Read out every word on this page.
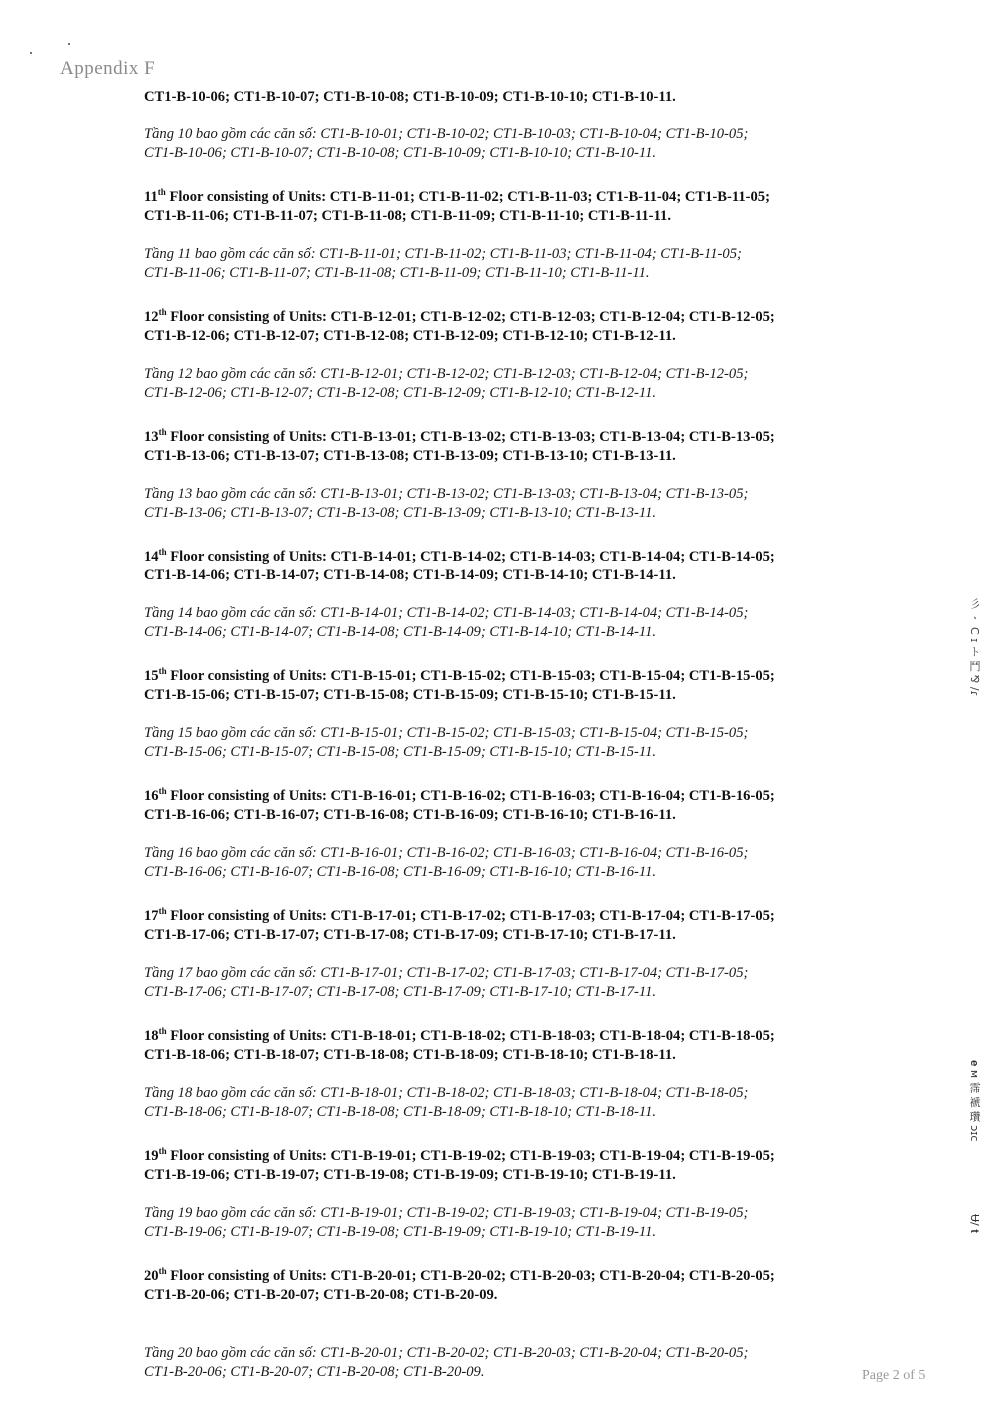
Appendix F

CT1-B-10-06; CT1-B-10-07; CT1-B-10-08; CT1-B-10-09; CT1-B-10-10; CT1-B-10-11.

Tầng 10 bao gồm các căn số: CT1-B-10-01; CT1-B-10-02; CT1-B-10-03; CT1-B-10-04; CT1-B-10-05;
CT1-B-10-06; CT1-B-10-07; CT1-B-10-08; CT1-B-10-09; CT1-B-10-10; CT1-B-10-11.

11th Floor consisting of Units: CT1-B-11-01; CT1-B-11-02; CT1-B-11-03; CT1-B-11-04; CT1-B-11-05;
CT1-B-11-06; CT1-B-11-07; CT1-B-11-08; CT1-B-11-09; CT1-B-11-10; CT1-B-11-11.

Tầng 11 bao gồm các căn số: CT1-B-11-01; CT1-B-11-02; CT1-B-11-03; CT1-B-11-04; CT1-B-11-05;
CT1-B-11-06; CT1-B-11-07; CT1-B-11-08; CT1-B-11-09; CT1-B-11-10; CT1-B-11-11.

12th Floor consisting of Units: CT1-B-12-01; CT1-B-12-02; CT1-B-12-03; CT1-B-12-04; CT1-B-12-05;
CT1-B-12-06; CT1-B-12-07; CT1-B-12-08; CT1-B-12-09; CT1-B-12-10; CT1-B-12-11.

Tầng 12 bao gồm các căn số: CT1-B-12-01; CT1-B-12-02; CT1-B-12-03; CT1-B-12-04; CT1-B-12-05;
CT1-B-12-06; CT1-B-12-07; CT1-B-12-08; CT1-B-12-09; CT1-B-12-10; CT1-B-12-11.

13th Floor consisting of Units: CT1-B-13-01; CT1-B-13-02; CT1-B-13-03; CT1-B-13-04; CT1-B-13-05;
CT1-B-13-06; CT1-B-13-07; CT1-B-13-08; CT1-B-13-09; CT1-B-13-10; CT1-B-13-11.

Tầng 13 bao gồm các căn số: CT1-B-13-01; CT1-B-13-02; CT1-B-13-03; CT1-B-13-04; CT1-B-13-05;
CT1-B-13-06; CT1-B-13-07; CT1-B-13-08; CT1-B-13-09; CT1-B-13-10; CT1-B-13-11.

14th Floor consisting of Units: CT1-B-14-01; CT1-B-14-02; CT1-B-14-03; CT1-B-14-04; CT1-B-14-05;
CT1-B-14-06; CT1-B-14-07; CT1-B-14-08; CT1-B-14-09; CT1-B-14-10; CT1-B-14-11.

Tầng 14 bao gồm các căn số: CT1-B-14-01; CT1-B-14-02; CT1-B-14-03; CT1-B-14-04; CT1-B-14-05;
CT1-B-14-06; CT1-B-14-07; CT1-B-14-08; CT1-B-14-09; CT1-B-14-10; CT1-B-14-11.

15th Floor consisting of Units: CT1-B-15-01; CT1-B-15-02; CT1-B-15-03; CT1-B-15-04; CT1-B-15-05;
CT1-B-15-06; CT1-B-15-07; CT1-B-15-08; CT1-B-15-09; CT1-B-15-10; CT1-B-15-11.

Tầng 15 bao gồm các căn số: CT1-B-15-01; CT1-B-15-02; CT1-B-15-03; CT1-B-15-04; CT1-B-15-05;
CT1-B-15-06; CT1-B-15-07; CT1-B-15-08; CT1-B-15-09; CT1-B-15-10; CT1-B-15-11.

16th Floor consisting of Units: CT1-B-16-01; CT1-B-16-02; CT1-B-16-03; CT1-B-16-04; CT1-B-16-05;
CT1-B-16-06; CT1-B-16-07; CT1-B-16-08; CT1-B-16-09; CT1-B-16-10; CT1-B-16-11.

Tầng 16 bao gồm các căn số: CT1-B-16-01; CT1-B-16-02; CT1-B-16-03; CT1-B-16-04; CT1-B-16-05;
CT1-B-16-06; CT1-B-16-07; CT1-B-16-08; CT1-B-16-09; CT1-B-16-10; CT1-B-16-11.

17th Floor consisting of Units: CT1-B-17-01; CT1-B-17-02; CT1-B-17-03; CT1-B-17-04; CT1-B-17-05;
CT1-B-17-06; CT1-B-17-07; CT1-B-17-08; CT1-B-17-09; CT1-B-17-10; CT1-B-17-11.

Tầng 17 bao gồm các căn số: CT1-B-17-01; CT1-B-17-02; CT1-B-17-03; CT1-B-17-04; CT1-B-17-05;
CT1-B-17-06; CT1-B-17-07; CT1-B-17-08; CT1-B-17-09; CT1-B-17-10; CT1-B-17-11.

18th Floor consisting of Units: CT1-B-18-01; CT1-B-18-02; CT1-B-18-03; CT1-B-18-04; CT1-B-18-05;
CT1-B-18-06; CT1-B-18-07; CT1-B-18-08; CT1-B-18-09; CT1-B-18-10; CT1-B-18-11.

Tầng 18 bao gồm các căn số: CT1-B-18-01; CT1-B-18-02; CT1-B-18-03; CT1-B-18-04; CT1-B-18-05;
CT1-B-18-06; CT1-B-18-07; CT1-B-18-08; CT1-B-18-09; CT1-B-18-10; CT1-B-18-11.

19th Floor consisting of Units: CT1-B-19-01; CT1-B-19-02; CT1-B-19-03; CT1-B-19-04; CT1-B-19-05;
CT1-B-19-06; CT1-B-19-07; CT1-B-19-08; CT1-B-19-09; CT1-B-19-10; CT1-B-19-11.

Tầng 19 bao gồm các căn số: CT1-B-19-01; CT1-B-19-02; CT1-B-19-03; CT1-B-19-04; CT1-B-19-05;
CT1-B-19-06; CT1-B-19-07; CT1-B-19-08; CT1-B-19-09; CT1-B-19-10; CT1-B-19-11.

20th Floor consisting of Units: CT1-B-20-01; CT1-B-20-02; CT1-B-20-03; CT1-B-20-04; CT1-B-20-05;
CT1-B-20-06; CT1-B-20-07; CT1-B-20-08; CT1-B-20-09.

Tầng 20 bao gồm các căn số: CT1-B-20-01; CT1-B-20-02; CT1-B-20-03; CT1-B-20-04; CT1-B-20-05;
CT1-B-20-06; CT1-B-20-07; CT1-B-20-08; CT1-B-20-09.

彡 ㆍ C ɪ ト 鬥 ⅋ /ɾ
𝐞 ᴍ 霈 褫 瓚 ɔɪc
Ʉ/ 𝐭
Page 2 of 5
